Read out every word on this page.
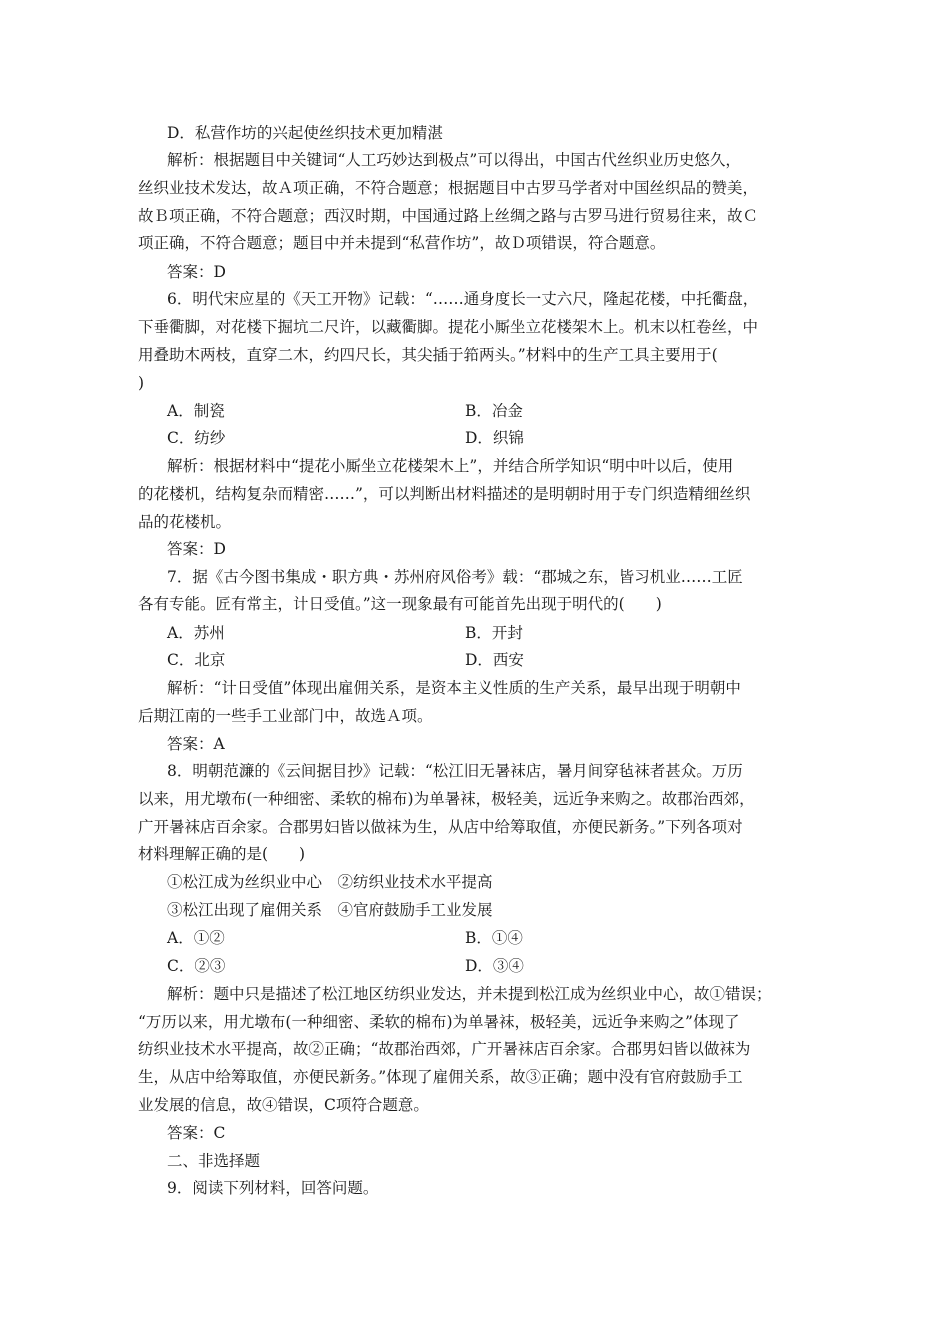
D．私营作坊的兴起使丝织技术更加精湛
解析：根据题目中关键词“人工巧妙达到极点”可以得出，中国古代丝织业历史悠久，
丝织业技术发达，故Ａ项正确，不符合题意；根据题目中古罗马学者对中国丝织品的赞美，
故Ｂ项正确，不符合题意；西汉时期，中国通过路上丝绸之路与古罗马进行贸易往来，故Ｃ
项正确，不符合题意；题目中并未提到“私营作坊”，故Ｄ项错误，符合题意。
答案：D
6．明代宋应星的《天工开物》记载：“……通身度长一丈六尺，隆起花楼，中托衢盘，
下垂衢脚，对花楼下掘坑二尺许，以藏衢脚。提花小厮坐立花楼架木上。机末以杠卷丝，中
用叠助木两枝，直穿二木，约四尺长，其尖插于筘两头。”材料中的生产工具主要用于(
)
A．制瓷	B．冶金
C．纺纱	D．织锦
解析：根据材料中“提花小厮坐立花楼架木上”，并结合所学知识“明中叶以后，使用
的花楼机，结构复杂而精密……”，可以判断出材料描述的是明朝时用于专门织造精细丝织
品的花楼机。
答案：D
7．据《古今图书集成・职方典・苏州府风俗考》载：“郡城之东，皆习机业……工匠
各有专能。匠有常主，计日受值。”这一现象最有可能首先出现于明代的(　　)
A．苏州	B．开封
C．北京	D．西安
解析：“计日受值”体现出雇佣关系，是资本主义性质的生产关系，最早出现于明朝中
后期江南的一些手工业部门中，故选Ａ项。
答案：A
8．明朝范濂的《云间据目抄》记载：“松江旧无暑袜店，暑月间穿毡袜者甚众。万历
以来，用尤墩布(一种细密、柔软的棉布)为单暑袜，极轻美，远近争来购之。故郡治西郊，
广开暑袜店百余家。合郡男妇皆以做袜为生，从店中给筹取值，亦便民新务。”下列各项对
材料理解正确的是(　　)
①松江成为丝织业中心　②纺织业技术水平提高
③松江出现了雇佣关系　④官府鼓励手工业发展
A．①②	B．①④
C．②③	D．③④
解析：题中只是描述了松江地区纺织业发达，并未提到松江成为丝织业中心，故①错误；
“万历以来，用尤墩布(一种细密、柔软的棉布)为单暑袜，极轻美，远近争来购之”体现了
纺织业技术水平提高，故②正确；“故郡治西郊，广开暑袜店百余家。合郡男妇皆以做袜为
生，从店中给筹取值，亦便民新务。”体现了雇佣关系，故③正确；题中没有官府鼓励手工
业发展的信息，故④错误，C项符合题意。
答案：C
二、非选择题
9．阅读下列材料，回答问题。
